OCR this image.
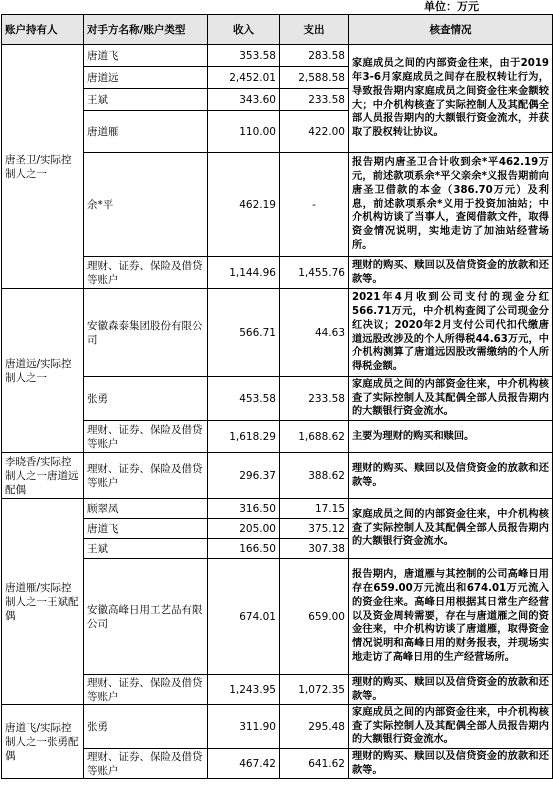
单位：万元
账户持有人	对手方名称/账户类型	收入	支出	核查情况
唐圣卫/实际控制人之一	唐道飞	353.58	283.58	家庭成员之间的内部资金往来，由于2019年3-6月家庭成员之间存在股权转让行为，导致报告期内家庭成员之间资金往来金额较大；中介机构核查了实际控制人及其配偶全部人员报告期内的大额银行资金流水，并获取了股权转让协议。
	唐道远	2,452.01	2,588.58	
	王斌	343.60	233.58	
	唐道雁	110.00	422.00	
	余*平	462.19	-	报告期内唐圣卫合计收到余*平462.19万元，前述款项系余*平父亲余*义报告期前向唐圣卫借款的本金（386.70万元）及利息，前述款项系余*义用于投资加油站；中介机构访谈了当事人，查阅借款文件，取得资金情况说明，实地走访了加油站经营场所。
	理财、证券、保险及借贷等账户	1,144.96	1,455.76	理财的购买、赎回以及信贷资金的放款和还款等。
唐道远/实际控制人之一	安徽森泰集团股份有限公司	566.71	44.63	2021年4月收到公司支付的现金分红566.71万元，中介机构查阅了公司现金分红决议；2020年2月支付公司代扣代缴唐道远股改涉及的个人所得税44.63万元，中介机构测算了唐道远因股改需缴纳的个人所得税金额。
	张勇	453.58	233.58	家庭成员之间的内部资金往来，中介机构核查了实际控制人及其配偶全部人员报告期内的大额银行资金流水。
	理财、证券、保险及借贷等账户	1,618.29	1,688.62	主要为理财的购买和赎回。
李晓香/实际控制人之一唐道远配偶	理财、证券、保险及借贷等账户	296.37	388.62	理财的购买、赎回以及信贷资金的放款和还款等。
唐道雁/实际控制人之一王斌配偶	顾翠凤	316.50	17.15	家庭成员之间的内部资金往来，中介机构核查了实际控制人及其配偶全部人员报告期内的大额银行资金流水。
	唐道飞	205.00	375.12	
	王斌	166.50	307.38	
	安徽高峰日用工艺品有限公司	674.01	659.00	报告期内，唐道雁与其控制的公司高峰日用存在659.00万元流出和674.01万元流入的资金往来。高峰日用根据其日常生产经营以及资金周转需要，存在与唐道雁之间的资金往来，中介机构访谈了唐道雁，取得资金情况说明和高峰日用的财务报表，并现场实地走访了高峰日用的生产经营场所。
	理财、证券、保险及借贷等账户	1,243.95	1,072.35	理财的购买、赎回以及信贷资金的放款和还款等。
唐道飞/实际控制人之一张勇配偶	张勇	311.90	295.48	家庭成员之间的内部资金往来，中介机构核查了实际控制人及其配偶全部人员报告期内的大额银行资金流水。
	理财、证券、保险及借贷等账户	467.42	641.62	理财的购买、赎回以及信贷资金的放款和还款等。
